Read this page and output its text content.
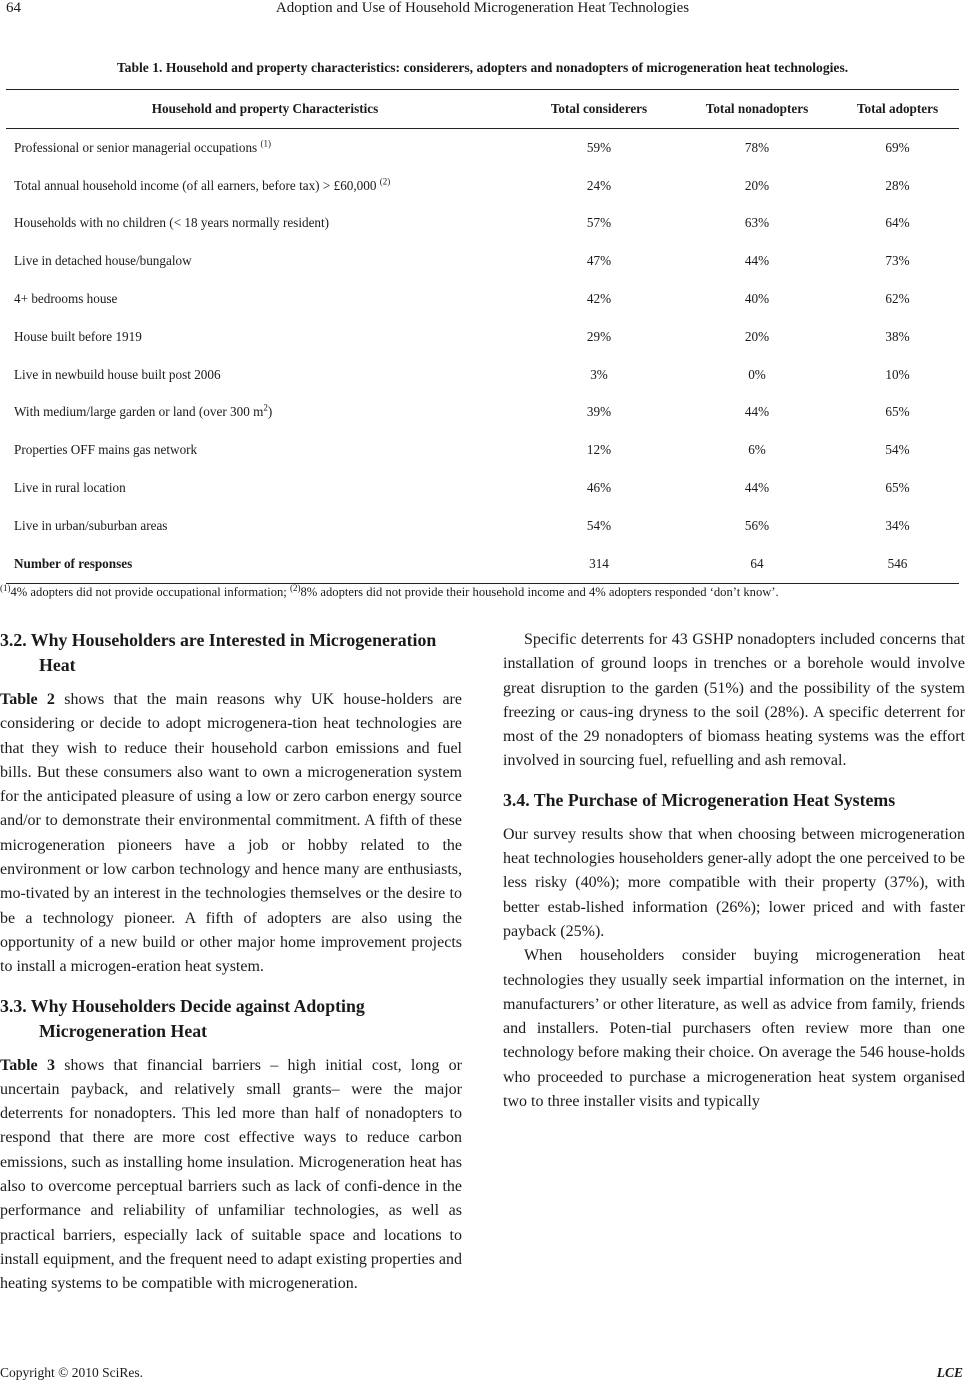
64	Adoption and Use of Household Microgeneration Heat Technologies
Table 1. Household and property characteristics: considerers, adopters and nonadopters of microgeneration heat technologies.
Household and property Characteristics	Total considerers	Total nonadopters	Total adopters
Professional or senior managerial occupations $^{(1)}$	59%	78%	69%
Total annual household income (of all earners, before tax) > £60,000 $^{(2)}$	24%	20%	28%
Households with no children (< 18 years normally resident)	57%	63%	64%
Live in detached house/bungalow	47%	44%	73%
4+ bedrooms house	42%	40%	62%
House built before 1919	29%	20%	38%
Live in newbuild house built post 2006	3%	0%	10%
With medium/large garden or land (over 300 $m^2$)	39%	44%	65%
Properties OFF mains gas network	12%	6%	54%
Live in rural location	46%	44%	65%
Live in urban/suburban areas	54%	56%	34%
Number of responses	314	64	546
$^{(1)}$4% adopters did not provide occupational information; $^{(2)}$8% adopters did not provide their household income and 4% adopters responded ‘don’t know’.
3.2. Why Householders are Interested in Microgeneration Heat

Table 2 shows that the main reasons why UK house-holders are considering or decide to adopt microgenera-tion heat technologies are that they wish to reduce their household carbon emissions and fuel bills. But these consumers also want to own a microgeneration system for the anticipated pleasure of using a low or zero carbon energy source and/or to demonstrate their environmental commitment. A fifth of these microgeneration pioneers have a job or hobby related to the environment or low carbon technology and hence many are enthusiasts, mo-tivated by an interest in the technologies themselves or the desire to be a technology pioneer. A fifth of adopters are also using the opportunity of a new build or other major home improvement projects to install a microgen-eration heat system.

3.3. Why Householders Decide against Adopting Microgeneration Heat

Table 3 shows that financial barriers – high initial cost, long or uncertain payback, and relatively small grants– were the major deterrents for nonadopters. This led more than half of nonadopters to respond that there are more cost effective ways to reduce carbon emissions, such as installing home insulation. Microgeneration heat has also to overcome perceptual barriers such as lack of confi-dence in the performance and reliability of unfamiliar technologies, as well as practical barriers, especially lack of suitable space and locations to install equipment, and the frequent need to adapt existing properties and heating systems to be compatible with microgeneration.

Specific deterrents for 43 GSHP nonadopters included concerns that installation of ground loops in trenches or a borehole would involve great disruption to the garden (51%) and the possibility of the system freezing or caus-ing dryness to the soil (28%). A specific deterrent for most of the 29 nonadopters of biomass heating systems was the effort involved in sourcing fuel, refuelling and ash removal.

3.4. The Purchase of Microgeneration Heat Systems

Our survey results show that when choosing between microgeneration heat technologies householders gener-ally adopt the one perceived to be less risky (40%); more compatible with their property (37%), with better estab-lished information (26%); lower priced and with faster payback (25%).

When householders consider buying microgeneration heat technologies they usually seek impartial information on the internet, in manufacturers’ or other literature, as well as advice from family, friends and installers. Poten-tial purchasers often review more than one technology before making their choice. On average the 546 house-holds who proceeded to purchase a microgeneration heat system organised two to three installer visits and typically

Copyright © 2010 SciRes.	LCE
